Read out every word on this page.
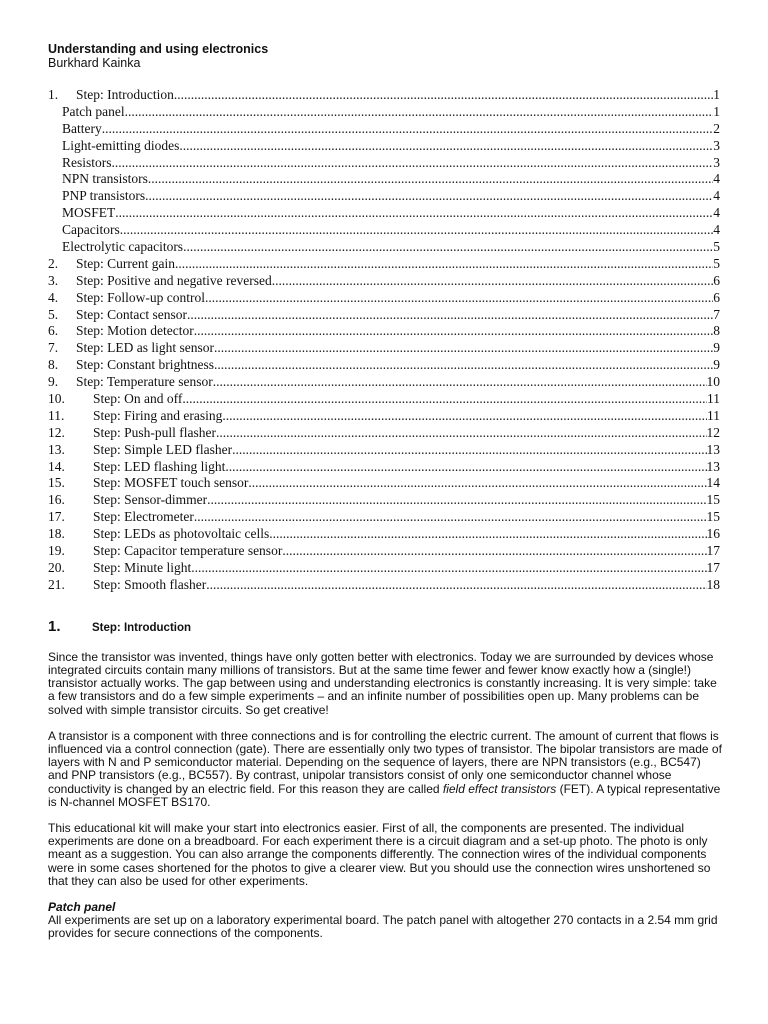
Understanding and using electronics

Burkhard Kainka

1.	Step: Introduction .....	1
Patch panel .....	1
Battery .....	2
Light-emitting diodes .....	3
Resistors .....	3
NPN transistors .....	4
PNP transistors .....	4
MOSFET .....	4
Capacitors .....	4
Electrolytic capacitors .....	5
2.	Step: Current gain .....	5
3.	Step: Positive and negative reversed .....	6
4.	Step: Follow-up control .....	6
5.	Step: Contact sensor .....	7
6.	Step: Motion detector .....	8
7.	Step: LED as light sensor .....	9
8.	Step: Constant brightness .....	9
9.	Step: Temperature sensor .....	10
10.	Step: On and off .....	11
11.	Step: Firing and erasing .....	11
12.	Step: Push-pull flasher .....	12
13.	Step: Simple LED flasher .....	13
14.	Step: LED flashing light .....	13
15.	Step: MOSFET touch sensor .....	14
16.	Step: Sensor-dimmer .....	15
17.	Step: Electrometer .....	15
18.	Step: LEDs as photovoltaic cells .....	16
19.	Step: Capacitor temperature sensor .....	17
20.	Step: Minute light .....	17
21.	Step: Smooth flasher .....	18
1.	Step: Introduction

Since the transistor was invented, things have only gotten better with electronics. Today we are surrounded by devices whose integrated circuits contain many millions of transistors. But at the same time fewer and fewer know exactly how a (single!) transistor actually works. The gap between using and understanding electronics is constantly increasing. It is very simple: take a few transistors and do a few simple experiments – and an infinite number of possibilities open up. Many problems can be solved with simple transistor circuits. So get creative!

A transistor is a component with three connections and is for controlling the electric current. The amount of current that flows is influenced via a control connection (gate). There are essentially only two types of transistor. The bipolar transistors are made of layers with N and P semiconductor material. Depending on the sequence of layers, there are NPN transistors (e.g., BC547) and PNP transistors (e.g., BC557). By contrast, unipolar transistors consist of only one semiconductor channel whose conductivity is changed by an electric field. For this reason they are called field effect transistors (FET). A typical representative is N-channel MOSFET BS170.

This educational kit will make your start into electronics easier. First of all, the components are presented. The individual experiments are done on a breadboard. For each experiment there is a circuit diagram and a set-up photo. The photo is only meant as a suggestion. You can also arrange the components differently. The connection wires of the individual components were in some cases shortened for the photos to give a clearer view. But you should use the connection wires unshortened so that they can also be used for other experiments.

Patch panel

All experiments are set up on a laboratory experimental board. The patch panel with altogether 270 contacts in a 2.54 mm grid provides for secure connections of the components.
